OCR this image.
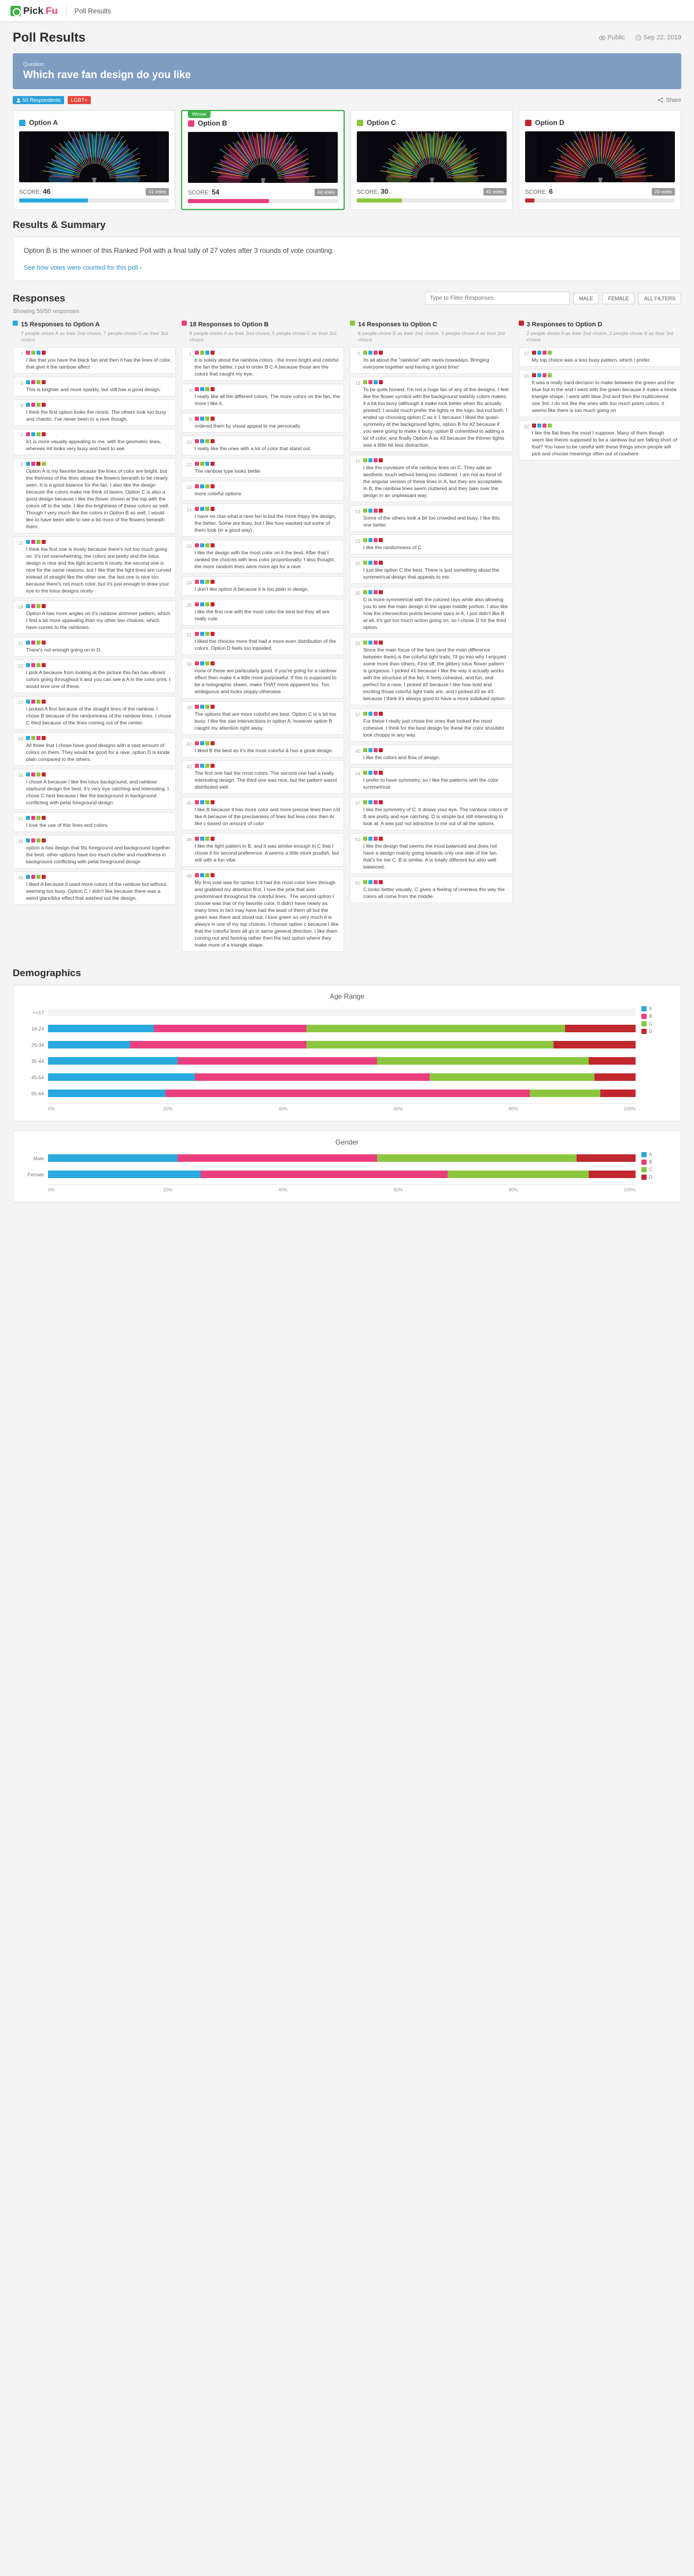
Pick Fu Poll Results
Poll Results	Public	Sep 22, 2019
Question
Which rave fan design do you like
50 Respondents LGBT+	Share
Option A
SCORE: 46	41 votes
Winner
Option B
SCORE: 54	44 votes
Option C
SCORE: 30	41 votes
Option D
SCORE: 6	24 votes
Results & Summary
Option B is the winner of this Ranked Poll with a final tally of 27 votes after 3 rounds of vote counting.
See how votes were counted for this poll ›
Responses
Type to Filter Responses	MALE	FEMALE	ALL FILTERS
Showing 50/50 responses
15 Responses to Option A
7 people chose A as their 2nd choice, 7 people chose C as their 3rd choice
2
I like that you have the black fan and then it has the lines of color, that give it the rainbow affect
3
This is brighter and more sparkly, but still has a good design.
6
I think the first option looks the nicest. The others look too busy and chaotic. I've never been to a rave though.
7
#1 is more visually appealing to me, with the geometric lines, whereas #4 looks very busy and hard to see.
8
Option A is my favorite because the lines of color are bright, but the thinness of the lines allows the flowers beneath to be clearly seen. It is a good balance for the fan. I also like the design because the colors make me think of lasers. Option C is also a good design because I like the flower shown at the top with the colors off to the side. I like the brightness of these colors as well. Though I very much like the colors in Option B as well, I would like to have been able to see a bit more of the flowers beneath them.
11
I think the first one is lovely because there's not too much going on. It's not overwhelming, the colors are pretty and the lotus design is nice and the light accents it nicely. the second one is nice for the same reasons, but I like that the light lines are curved instead of straight like the other one. the last one is nice too because there's not much color, but it's just enough to draw your eye to the lotus designs nicely
18
Option A has more angles on it's rainbow shimmer pattern, which I find a bit more appealing than my other two choices, which have curves to the rainbows.
21
There's not enough going on in D.
22
I pick A because from looking at the picture this fan has vibrant colors going throughout it and you can see a A in the color print. I would love one of these.
27
I picked A first because of the straight lines of the rainbow. I chose B because of the randomness of the rainbow lines. I chose C third because of the lines coming out of the center.
29
All three that I chose have good designs with a vast amount of colors on them. They would be good for a rave, option D is kinda plain compared to the others.
34
I chose A because I like the lotus background, and rainbow starburst design the best, it's very eye catching and interesting. I chose C next because I like the background in background conflicting with petal foreground design.
41
I love the use of thin lines and colors
48
option a has design that fits foreground and background together the best, other options have too much clutter and muddiness in background conflicting with petal foreground design
49
I liked A because it used more colors of the rainbow but without seeming too busy. Option C I didn't like because there was a weird glare/blur effect that washed out the design.
18 Responses to Option B
8 people chose A as their 2nd choice, 5 people chose C as their 3rd choice
1
b is solely about the rainbow colors - the more bright and colorful the fan the better. I put in order B C A because those are the colors that caught my eye.
4
I really like all the different colors. The more colors on the fan, the more I like it.
9
ordered them by visual appeal to me personally
10
I really like the ones with a lot of color that stand out.
12
The rainbow type looks better
13
more colorful options
14
I have no clue what a rave fan is but the more frippy the design, the better. Some are busy, but I like how wacked out some of them look (in a good way)
20
I like the design with the most color on it the best. After that I ranked the choices with less color proportionally. I also thought the more random lines were more apt for a rave.
24
I don't like option A because it is too plain in design.
26
I like the first one with the most color the best but they all are really cute
31
I liked the choices more that had a more even distribution of the colors. Option D feels too lopsided.
36
none of these are particularly good. if you're going for a rainbow effect then make it a little more purposeful. If this is supposed to be a holographic sheen, make THAT more apparent too. Too ambiguous and looks sloppy otherwise
39
The options that are more colorful are best. Option C is a bit too busy. I like the star intersections in option A, however option B caught my attention right away.
42
I liked B the best as it's the most colorful & has a great design.
43
The first one had the most colors. The second one had a really interesting design. The third one was nice, but the pattern wasnt distributed well.
45
I like B because it has more color and more precise lines then c/d like A because of the preciseness of lines but less color then A/ like c based on amount of color
46
I like the light pattern in B, and it was similar enough in C that I chose it for second preference. A seems a little more prudish, but still with a fun vibe.
49
My first vote was for option b it had the most color lines through and grabbed my attention first. I love the pink that was predominant throughout the colorful lines.. The second option I choose was that of my favorite color. It didn't have nearly as many lines in fact may have had the least of them all but the green was there and stood out. I love green so very much it is always in one of my top choices. I choose option c because I like that the colorful lines all go in same general direction. I like them coming out and fanning rather then the last option where they make more of a triangle shape.
14 Responses to Option C
6 people chose B as their 2nd choice, 5 people chose A as their 3rd choice
5
Its all about the "rainbow" with raves nowadays. Bringing everyone together and having a good time!
15
To be quite honest, I'm not a huge fan of any of the designs. I feel like the flower symbol with the background swishly colors makes it a bit too busy (although it make look better when fits actually printed). I would much prefer the lights or the logo, but not both. I ended up choosing option C as # 1 because I liked the quasi-symmetry of the background lights, option B for #2 because if you were going to make it busy, option B committed to adding a lot of color, and finally Option A as #3 because the thinner lights was a little bit less distraction.
16
I like the curvature of the rainbow lines on C. They add an aesthetic touch without being too cluttered. I am not as fond of the angular version of these lines in A, but they are acceptable. In B, the rainbow lines seem cluttered and they take over the design in an unpleasant way.
19
Some of the others look a bit too crowded and busy. I like this one better.
23
I like the randomness of C
25
I just like option C the best. There is just something about the symmetrical design that appeals to me.
30
C is more symmetrical with the colored rays while also allowing you to see the main design in the upper middle portion. I also like how the intersection points become stars in A, I just didn't like B at all, it's got too much action going on, so I chose D for the third option.
33
Since the main focus of the fans (and the main difference between them) is the colorful light trails, I'll go into why I enjoyed some more than others. First off, the glittery lotus flower pattern is gorgeous. I picked #1 because I like the way it actually works with the structure of the fan. It feels cohesive, and fun, and perfect for a rave. I picked #2 because I like how bold and exciting those colorful light trails are, and I picked #3 as #3 because I think it's always good to have a more subdued option.
37
For these I really just chose the ones that looked the most cohesive. I think for the best design for these the color shouldnt look choppy in any way.
40
I like the colors and flow of design.
44
I prefer to have symmetry, so I like the patterns with the color symmetrical
47
I like the symmetry of C. It draws your eye. The rainbow colors of B are pretty and eye catching. D is simple but still interesting to look at. A was just not attractive to me out of all the options.
50
I like the design that seems the most balanced and does not have a design mainly going towards only one side of the fan. that's for me C. B is similar. A is totally different but also well balanced.
50
C looks better visually, C gives a feeling of oneness the way the colors all come from the middle.
3 Responses to Option D
2 people chose A as their 2nd choice, 2 people chose B as their 3rd choice
17
My top choice was a less busy pattern, which I prefer.
28
It was a really hard decision to make between the green and the blue but in the end I went with the green because it make a kinda triangle shape. I went with blue 2nd and then the multicolored one 3rd. I do not like the ones with too much prism colors, it seems like there is too much going on
32
I like the flat lines the most I suppose. Many of them though seem like theres supposed to be a rainbow but are falling short of that? You have to be careful with these things since people will pick and choose meanings often out of nowhere.
Demographics
Age Range
<=17
18-24
25-34
35-44
45-54
55-64
0%	20%	40%	60%	80%	100%
A
B
C
D
Gender
Male
Female
0%	20%	40%	60%	80%	100%
A
B
C
D
